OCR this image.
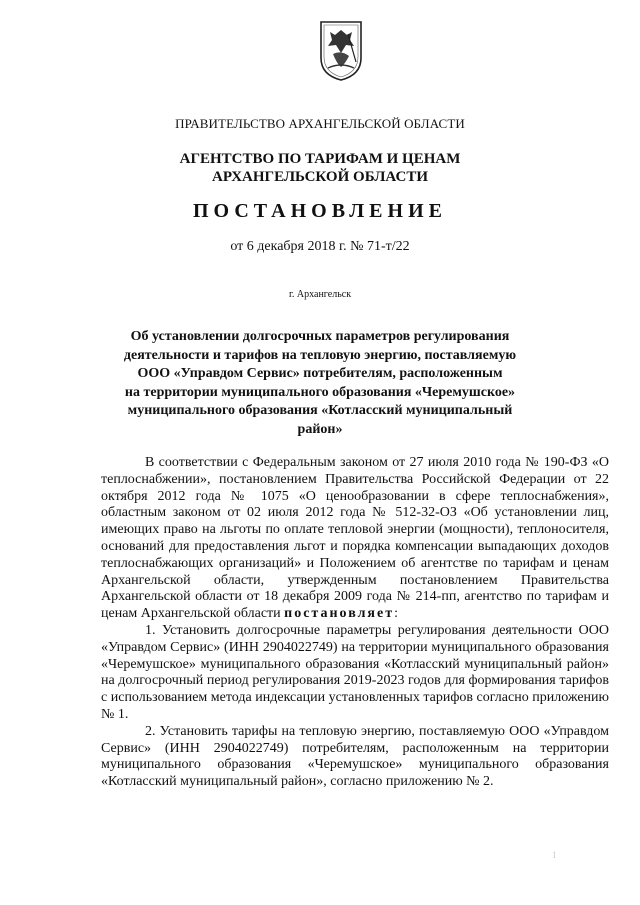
ПРАВИТЕЛЬСТВО АРХАНГЕЛЬСКОЙ ОБЛАСТИ
АГЕНТСТВО ПО ТАРИФАМ И ЦЕНАМ
АРХАНГЕЛЬСКОЙ ОБЛАСТИ
ПОСТАНОВЛЕНИЕ
от 6 декабря 2018 г. № 71-т/22
г. Архангельск
Об установлении долгосрочных параметров регулирования
деятельности и тарифов на тепловую энергию, поставляемую
ООО «Управдом Сервис» потребителям, расположенным
на территории муниципального образования «Черемушское»
муниципального образования «Котласский муниципальный район»

В соответствии с Федеральным законом от 27 июля 2010 года № 190-ФЗ «О теплоснабжении», постановлением Правительства Российской Федерации от 22 октября 2012 года № 1075 «О ценообразовании в сфере теплоснабжения», областным законом от 02 июля 2012 года № 512-32-ОЗ «Об установлении лиц, имеющих право на льготы по оплате тепловой энергии (мощности), теплоносителя, оснований для предоставления льгот и порядка компенсации выпадающих доходов теплоснабжающих организаций» и Положением об агентстве по тарифам и ценам Архангельской области, утвержденным постановлением Правительства Архангельской области от 18 декабря 2009 года № 214-пп, агентство по тарифам и ценам Архангельской области постановляет:

1. Установить долгосрочные параметры регулирования деятельности ООО «Управдом Сервис» (ИНН 2904022749) на территории муниципального образования «Черемушское» муниципального образования «Котласский муниципальный район» на долгосрочный период регулирования 2019-2023 годов для формирования тарифов с использованием метода индексации установленных тарифов согласно приложению № 1.

2. Установить тарифы на тепловую энергию, поставляемую ООО «Управдом Сервис» (ИНН 2904022749) потребителям, расположенным на территории муниципального образования «Черемушское» муниципального образования «Котласский муниципальный район», согласно приложению № 2.

1
